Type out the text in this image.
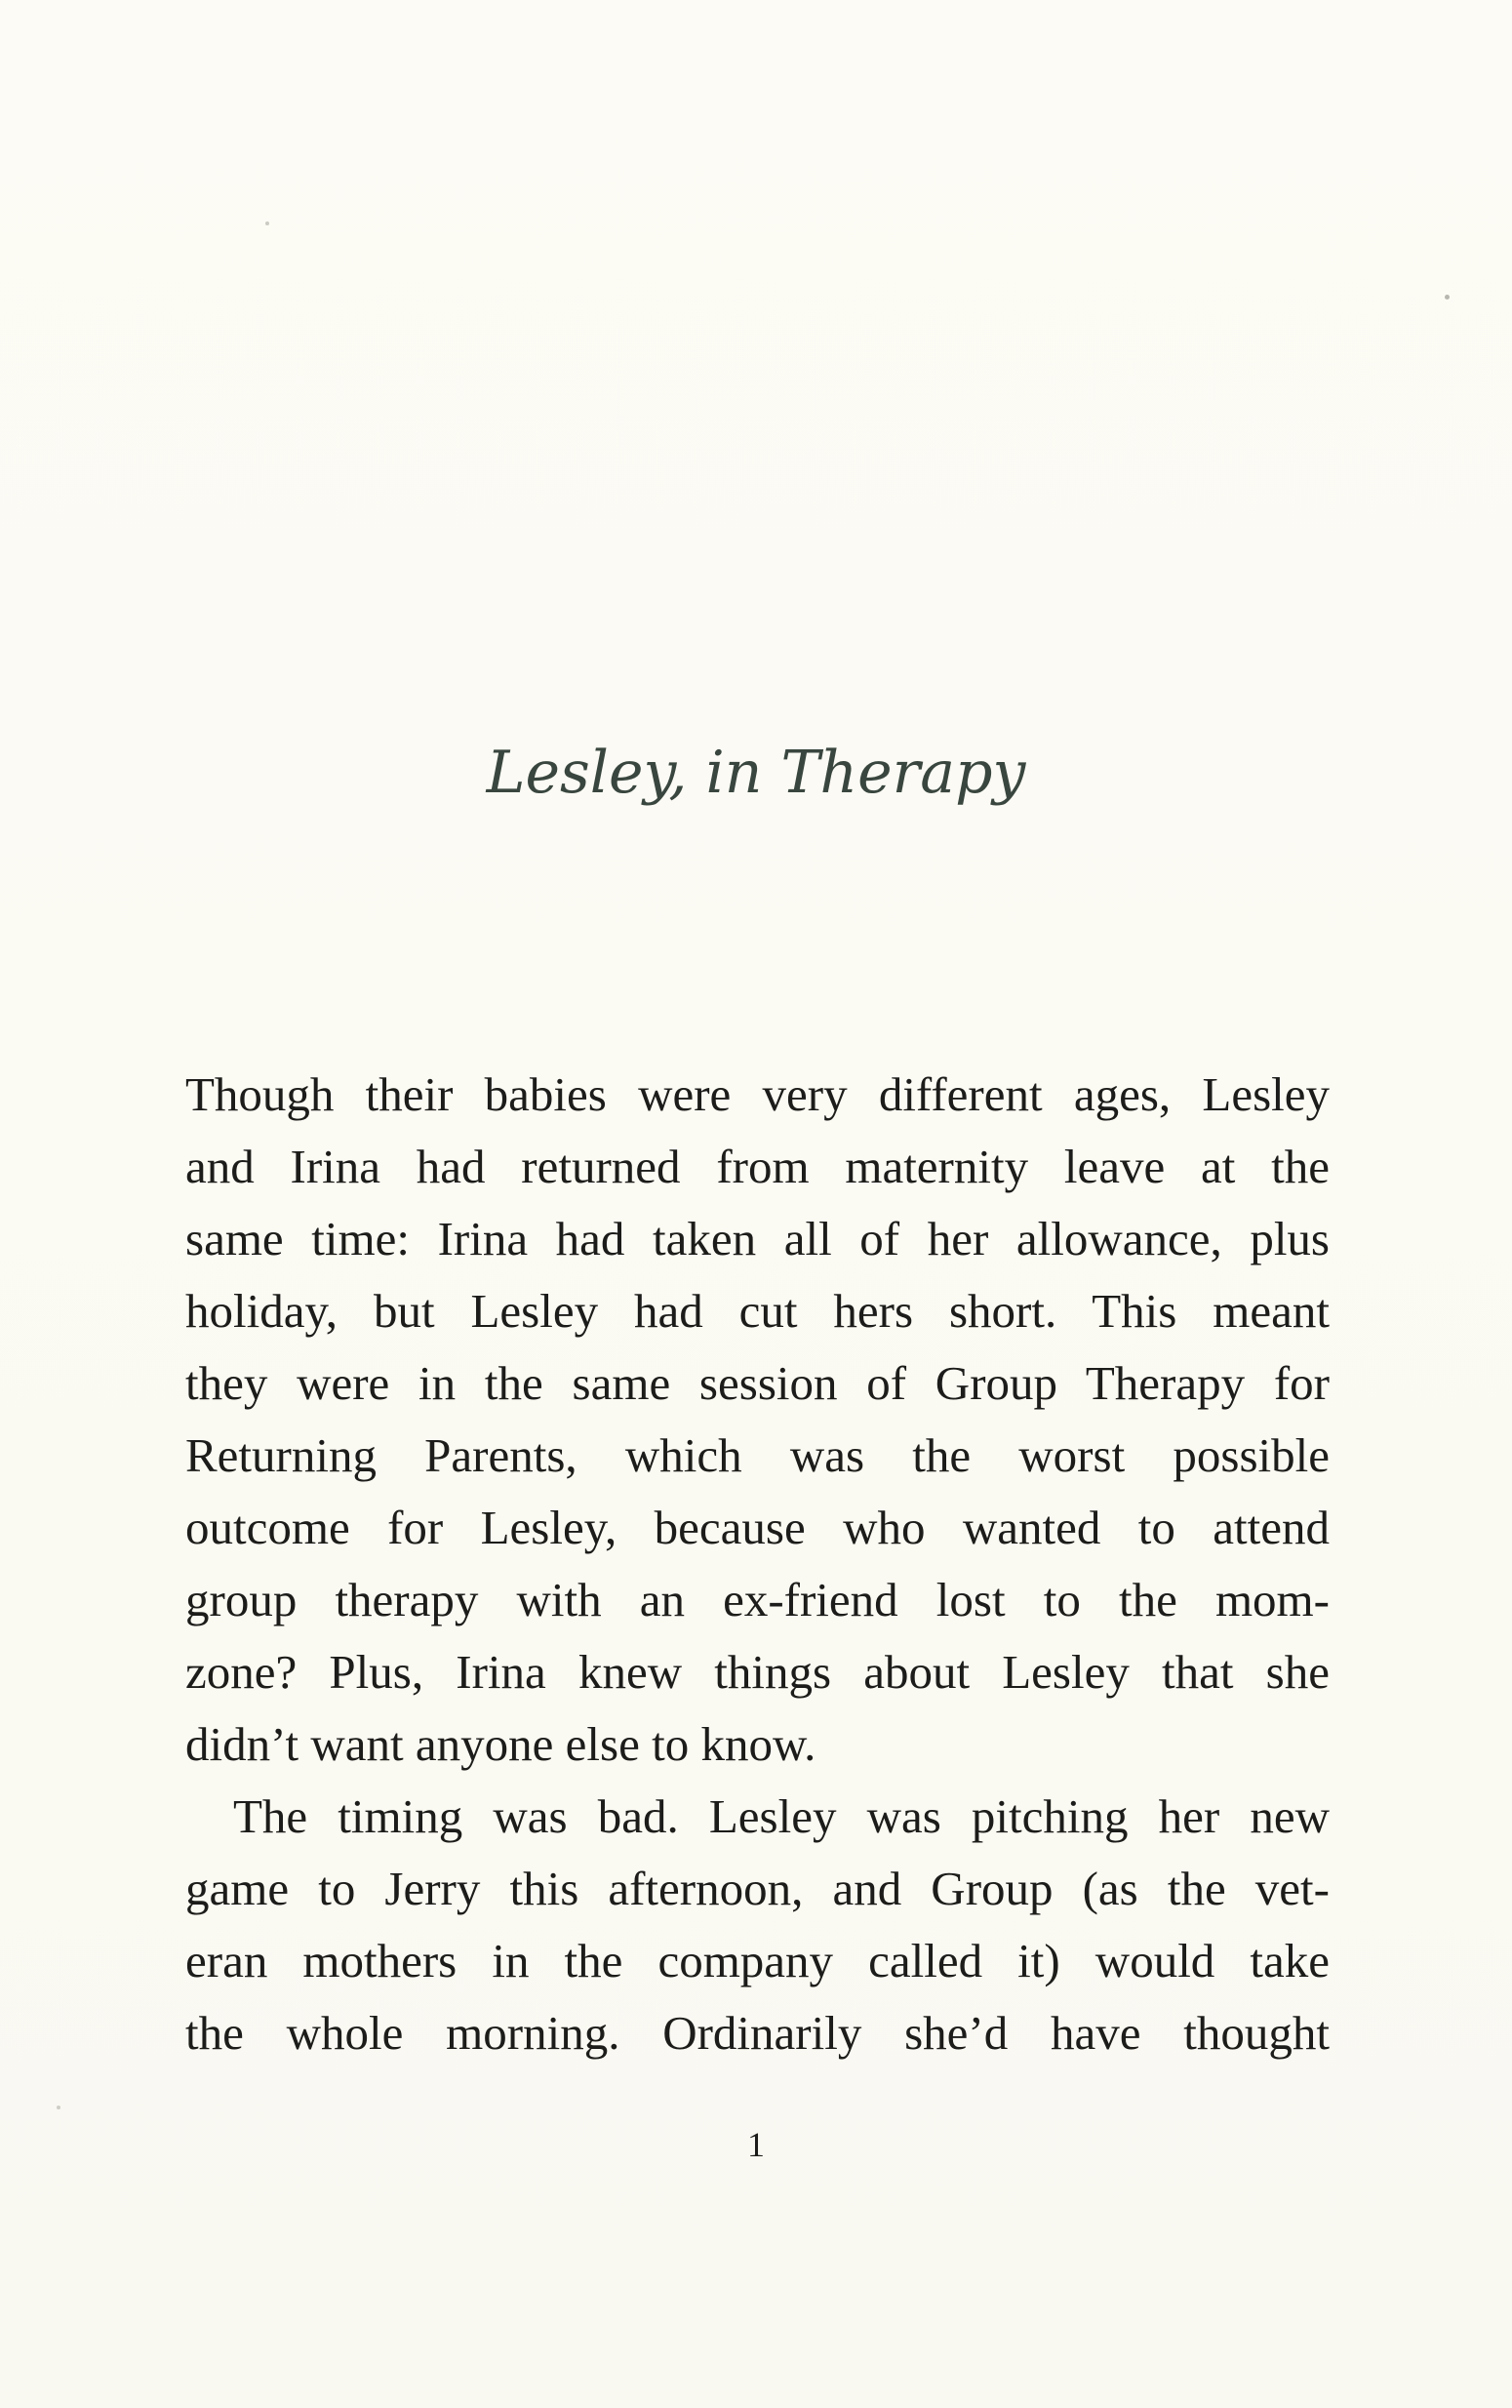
Lesley, in Therapy

Though their babies were very different ages, Lesley
and Irina had returned from maternity leave at the
same time: Irina had taken all of her allowance, plus
holiday, but Lesley had cut hers short. This meant
they were in the same session of Group Therapy for
Returning Parents, which was the worst possible
outcome for Lesley, because who wanted to attend
group therapy with an ex-friend lost to the mom-
zone? Plus, Irina knew things about Lesley that she
didn’t want anyone else to know.

The timing was bad. Lesley was pitching her new
game to Jerry this afternoon, and Group (as the vet-
eran mothers in the company called it) would take
the whole morning. Ordinarily she’d have thought

1
